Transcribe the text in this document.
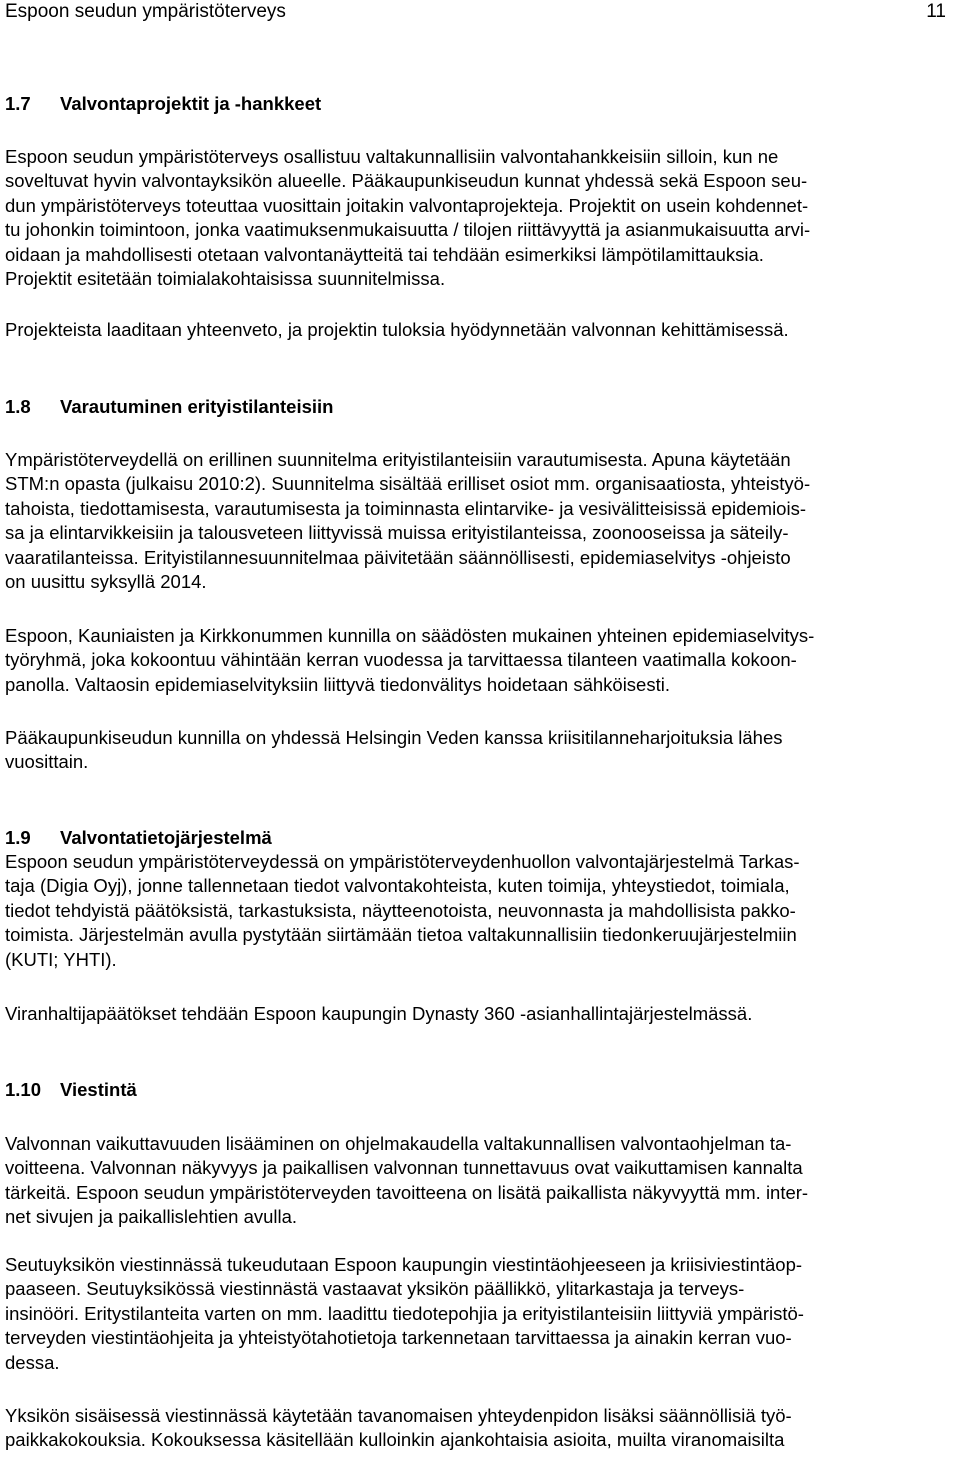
Espoon seudun ympäristöterveys	11
1.7 Valvontaprojektit ja -hankkeet
Espoon seudun ympäristöterveys osallistuu valtakunnallisiin valvontahankkeisiin silloin, kun ne
soveltuvat hyvin valvontayksikön alueelle. Pääkaupunkiseudun kunnat yhdessä sekä Espoon seu-
dun ympäristöterveys toteuttaa vuosittain joitakin valvontaprojekteja. Projektit on usein kohdennet-
tu johonkin toimintoon, jonka vaatimuksenmukaisuutta / tilojen riittävyyttä ja asianmukaisuutta arvi-
oidaan ja mahdollisesti otetaan valvontanäytteitä tai tehdään esimerkiksi lämpötilamittauksia.
Projektit esitetään toimialakohtaisissa suunnitelmissa.
Projekteista laaditaan yhteenveto, ja projektin tuloksia hyödynnetään valvonnan kehittämisessä.
1.8 Varautuminen erityistilanteisiin
Ympäristöterveydellä on erillinen suunnitelma erityistilanteisiin varautumisesta. Apuna käytetään
STM:n opasta (julkaisu 2010:2). Suunnitelma sisältää erilliset osiot mm. organisaatiosta, yhteistyö-
tahoista, tiedottamisesta, varautumisesta ja toiminnasta elintarvike- ja vesivälitteisissä epidemiois-
sa ja elintarvikkeisiin ja talousveteen liittyvissä muissa erityistilanteissa, zoonooseissa ja säteily-
vaaratilanteissa. Erityistilannesuunnitelmaa päivitetään säännöllisesti, epidemiaselvitys -ohjeisto
on uusittu syksyllä 2014.
Espoon, Kauniaisten ja Kirkkonummen kunnilla on säädösten mukainen yhteinen epidemiaselvitys-
työryhmä, joka kokoontuu vähintään kerran vuodessa ja tarvittaessa tilanteen vaatimalla kokoon-
panolla. Valtaosin epidemiaselvityksiin liittyvä tiedonvälitys hoidetaan sähköisesti.
Pääkaupunkiseudun kunnilla on yhdessä Helsingin Veden kanssa kriisitilanneharjoituksia lähes
vuosittain.
1.9 Valvontatietojärjestelmä
Espoon seudun ympäristöterveydessä on ympäristöterveydenhuollon valvontajärjestelmä Tarkas-
taja (Digia Oyj), jonne tallennetaan tiedot valvontakohteista, kuten toimija, yhteystiedot, toimiala,
tiedot tehdyistä päätöksistä, tarkastuksista, näytteenotoista, neuvonnasta ja mahdollisista pakko-
toimista. Järjestelmän avulla pystytään siirtämään tietoa valtakunnallisiin tiedonkeruujärjestelmiin
(KUTI; YHTI).
Viranhaltijapäätökset tehdään Espoon kaupungin Dynasty 360 -asianhallintajärjestelmässä.
1.10 Viestintä
Valvonnan vaikuttavuuden lisääminen on ohjelmakaudella valtakunnallisen valvontaohjelman ta-
voitteena. Valvonnan näkyvyys ja paikallisen valvonnan tunnettavuus ovat vaikuttamisen kannalta
tärkeitä. Espoon seudun ympäristöterveyden tavoitteena on lisätä paikallista näkyvyyttä mm. inter-
net sivujen ja paikallislehtien avulla.
Seutuyksikön viestinnässä tukeudutaan Espoon kaupungin viestintäohjeeseen ja kriisiviestintäop-
paaseen. Seutuyksikössä viestinnästä vastaavat yksikön päällikkö, ylitarkastaja ja terveys-
insinööri. Eritystilanteita varten on mm. laadittu tiedotepohjia ja erityistilanteisiin liittyviä ympäristö-
terveyden viestintäohjeita ja yhteistyötahotietoja tarkennetaan tarvittaessa ja ainakin kerran vuo-
dessa.
Yksikön sisäisessä viestinnässä käytetään tavanomaisen yhteydenpidon lisäksi säännöllisiä työ-
paikkakokouksia. Kokouksessa käsitellään kulloinkin ajankohtaisia asioita, muilta viranomaisilta
